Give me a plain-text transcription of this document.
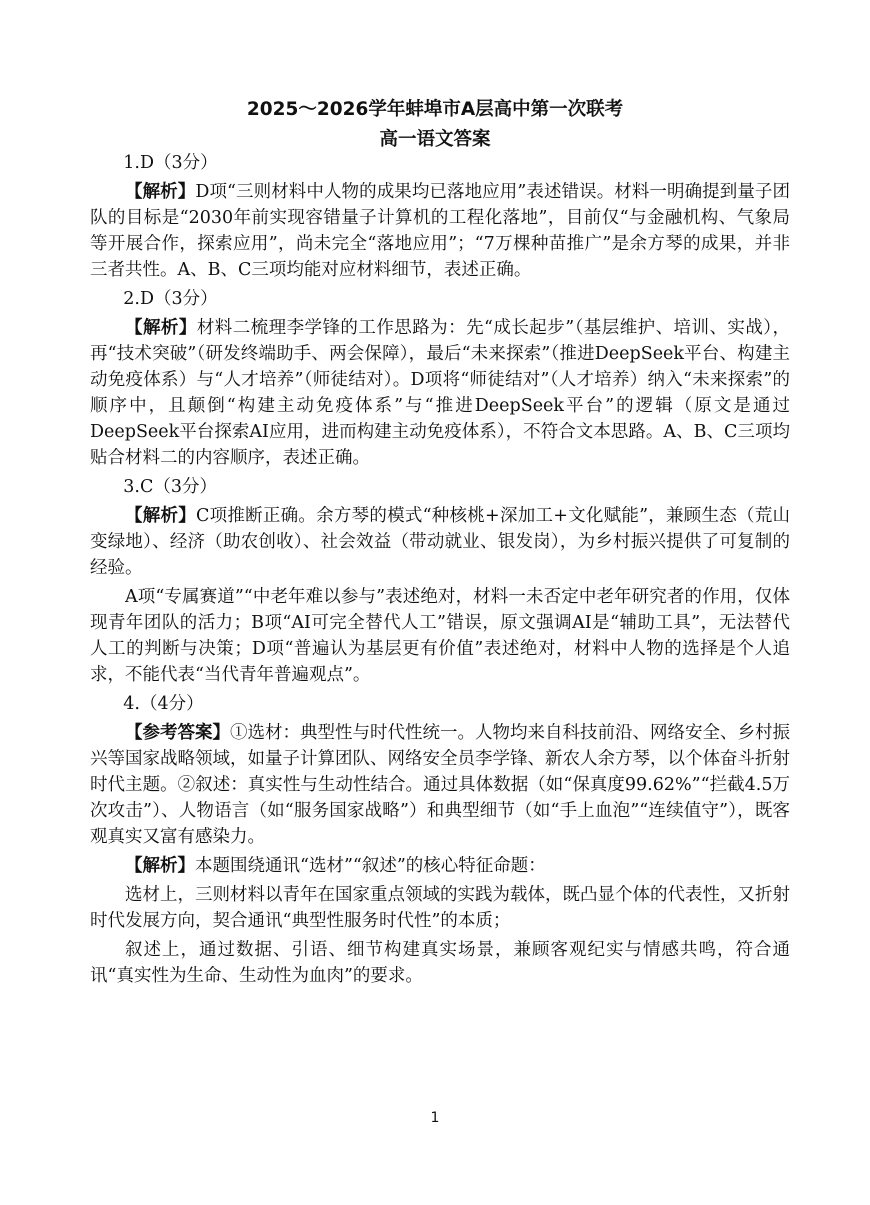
2025～2026学年蚌埠市A层高中第一次联考
高一语文答案

1.D（3分）

【解析】D项“三则材料中人物的成果均已落地应用”表述错误。材料一明确提到量子团队的目标是“2030年前实现容错量子计算机的工程化落地”，目前仅“与金融机构、气象局等开展合作，探索应用”，尚未完全“落地应用”；“7万棵种苗推广”是余方琴的成果，并非三者共性。A、B、C三项均能对应材料细节，表述正确。

2.D（3分）

【解析】材料二梳理李学锋的工作思路为：先“成长起步”（基层维护、培训、实战），再“技术突破”（研发终端助手、两会保障），最后“未来探索”（推进DeepSeek平台、构建主动免疫体系）与“人才培养”（师徒结对）。D项将“师徒结对”（人才培养）纳入“未来探索”的顺序中，且颠倒“构建主动免疫体系”与“推进DeepSeek平台”的逻辑（原文是通过DeepSeek平台探索AI应用，进而构建主动免疫体系），不符合文本思路。A、B、C三项均贴合材料二的内容顺序，表述正确。

3.C（3分）

【解析】C项推断正确。余方琴的模式“种核桃+深加工+文化赋能”，兼顾生态（荒山变绿地）、经济（助农创收）、社会效益（带动就业、银发岗），为乡村振兴提供了可复制的经验。

A项“专属赛道”“中老年难以参与”表述绝对，材料一未否定中老年研究者的作用，仅体现青年团队的活力；B项“AI可完全替代人工”错误，原文强调AI是“辅助工具”，无法替代人工的判断与决策；D项“普遍认为基层更有价值”表述绝对，材料中人物的选择是个人追求，不能代表“当代青年普遍观点”。

4.（4分）

【参考答案】①选材：典型性与时代性统一。人物均来自科技前沿、网络安全、乡村振兴等国家战略领域，如量子计算团队、网络安全员李学锋、新农人余方琴，以个体奋斗折射时代主题。②叙述：真实性与生动性结合。通过具体数据（如“保真度99.62%”“拦截4.5万次攻击”）、人物语言（如“服务国家战略”）和典型细节（如“手上血泡”“连续值守”），既客观真实又富有感染力。

【解析】本题围绕通讯“选材”“叙述”的核心特征命题：

选材上，三则材料以青年在国家重点领域的实践为载体，既凸显个体的代表性，又折射时代发展方向，契合通讯“典型性服务时代性”的本质；

叙述上，通过数据、引语、细节构建真实场景，兼顾客观纪实与情感共鸣，符合通讯“真实性为生命、生动性为血肉”的要求。

1
